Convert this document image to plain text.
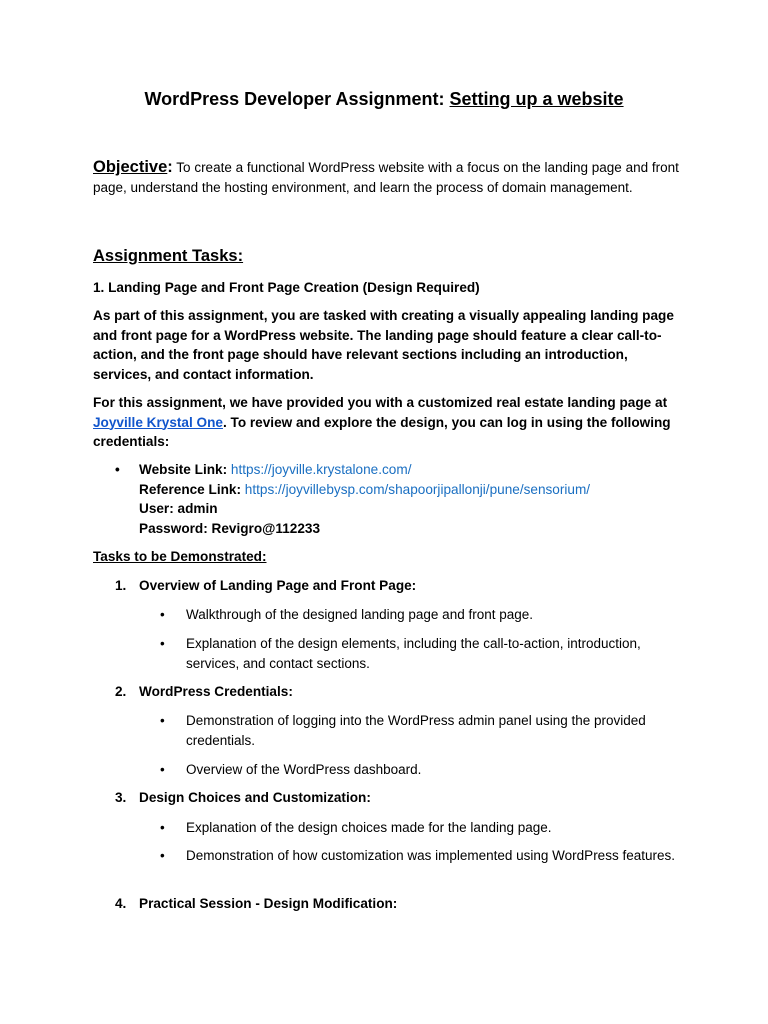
WordPress Developer Assignment: Setting up a website
Objective: To create a functional WordPress website with a focus on the landing page and front page, understand the hosting environment, and learn the process of domain management.
Assignment Tasks:
1. Landing Page and Front Page Creation (Design Required)
As part of this assignment, you are tasked with creating a visually appealing landing page and front page for a WordPress website. The landing page should feature a clear call-to-action, and the front page should have relevant sections including an introduction, services, and contact information.
For this assignment, we have provided you with a customized real estate landing page at Joyville Krystal One. To review and explore the design, you can log in using the following credentials:
• Website Link: https://joyville.krystalone.com/
Reference Link: https://joyvillebysp.com/shapoorjipallonji/pune/sensorium/
User: admin
Password: Revigro@112233
Tasks to be Demonstrated:
1. Overview of Landing Page and Front Page:
• Walkthrough of the designed landing page and front page.
• Explanation of the design elements, including the call-to-action, introduction, services, and contact sections.
2. WordPress Credentials:
• Demonstration of logging into the WordPress admin panel using the provided credentials.
• Overview of the WordPress dashboard.
3. Design Choices and Customization:
• Explanation of the design choices made for the landing page.
• Demonstration of how customization was implemented using WordPress features.
4. Practical Session - Design Modification:
